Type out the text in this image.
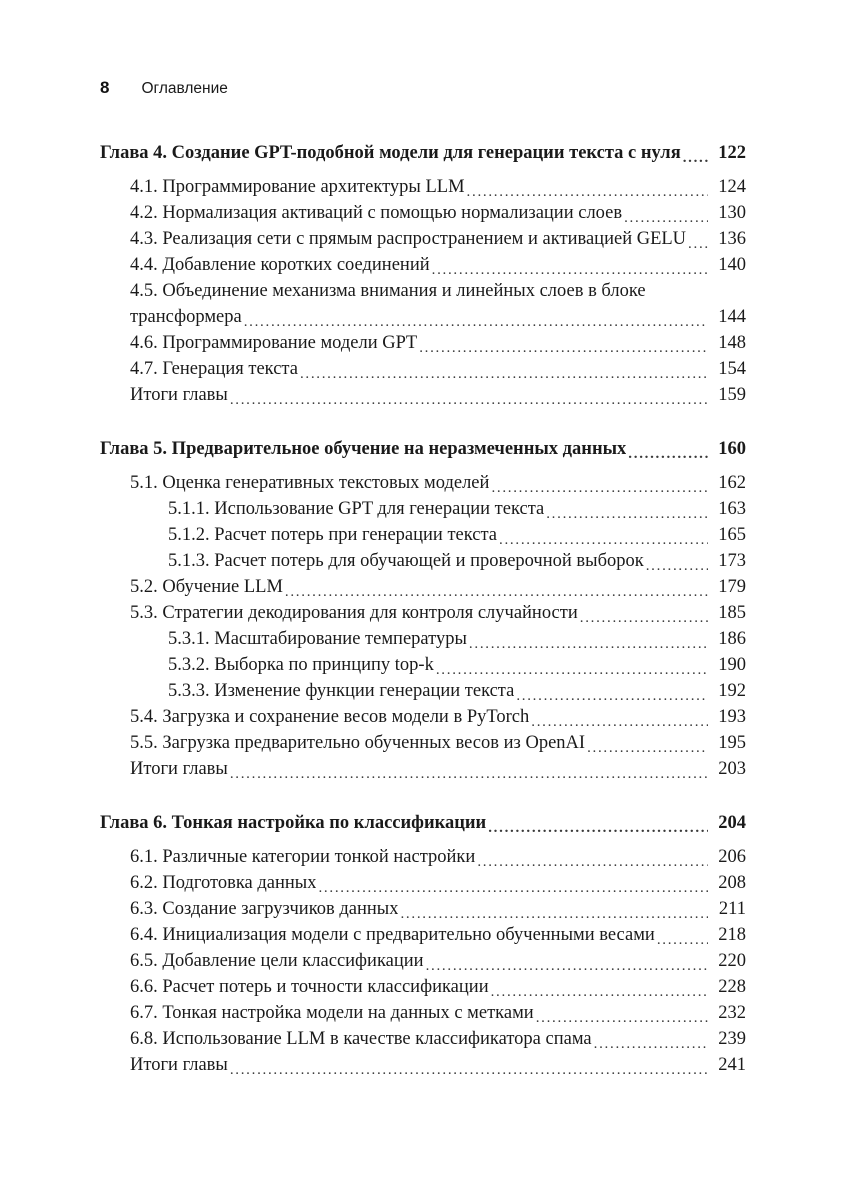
8 Оглавление
Глава 4. Создание GPT-подобной модели для генерации текста с нуля .....	122
4.1. Программирование архитектуры LLM .....	124
4.2. Нормализация активаций с помощью нормализации слоев .....	130
4.3. Реализация сети с прямым распространением и активацией GELU .....	136
4.4. Добавление коротких соединений .....	140
4.5. Объединение механизма внимания и линейных слоев в блоке
трансформера .....	144
4.6. Программирование модели GPT .....	148
4.7. Генерация текста .....	154
Итоги главы .....	159
Глава 5. Предварительное обучение на неразмеченных данных .....	160
5.1. Оценка генеративных текстовых моделей .....	162
5.1.1. Использование GPT для генерации текста .....	163
5.1.2. Расчет потерь при генерации текста .....	165
5.1.3. Расчет потерь для обучающей и проверочной выборок .....	173
5.2. Обучение LLM .....	179
5.3. Стратегии декодирования для контроля случайности .....	185
5.3.1. Масштабирование температуры .....	186
5.3.2. Выборка по принципу top-k .....	190
5.3.3. Изменение функции генерации текста .....	192
5.4. Загрузка и сохранение весов модели в PyTorch .....	193
5.5. Загрузка предварительно обученных весов из OpenAI .....	195
Итоги главы .....	203
Глава 6. Тонкая настройка по классификации .....	204
6.1. Различные категории тонкой настройки .....	206
6.2. Подготовка данных .....	208
6.3. Создание загрузчиков данных .....	211
6.4. Инициализация модели с предварительно обученными весами .....	218
6.5. Добавление цели классификации .....	220
6.6. Расчет потерь и точности классификации .....	228
6.7. Тонкая настройка модели на данных с метками .....	232
6.8. Использование LLM в качестве классификатора спама .....	239
Итоги главы .....	241
